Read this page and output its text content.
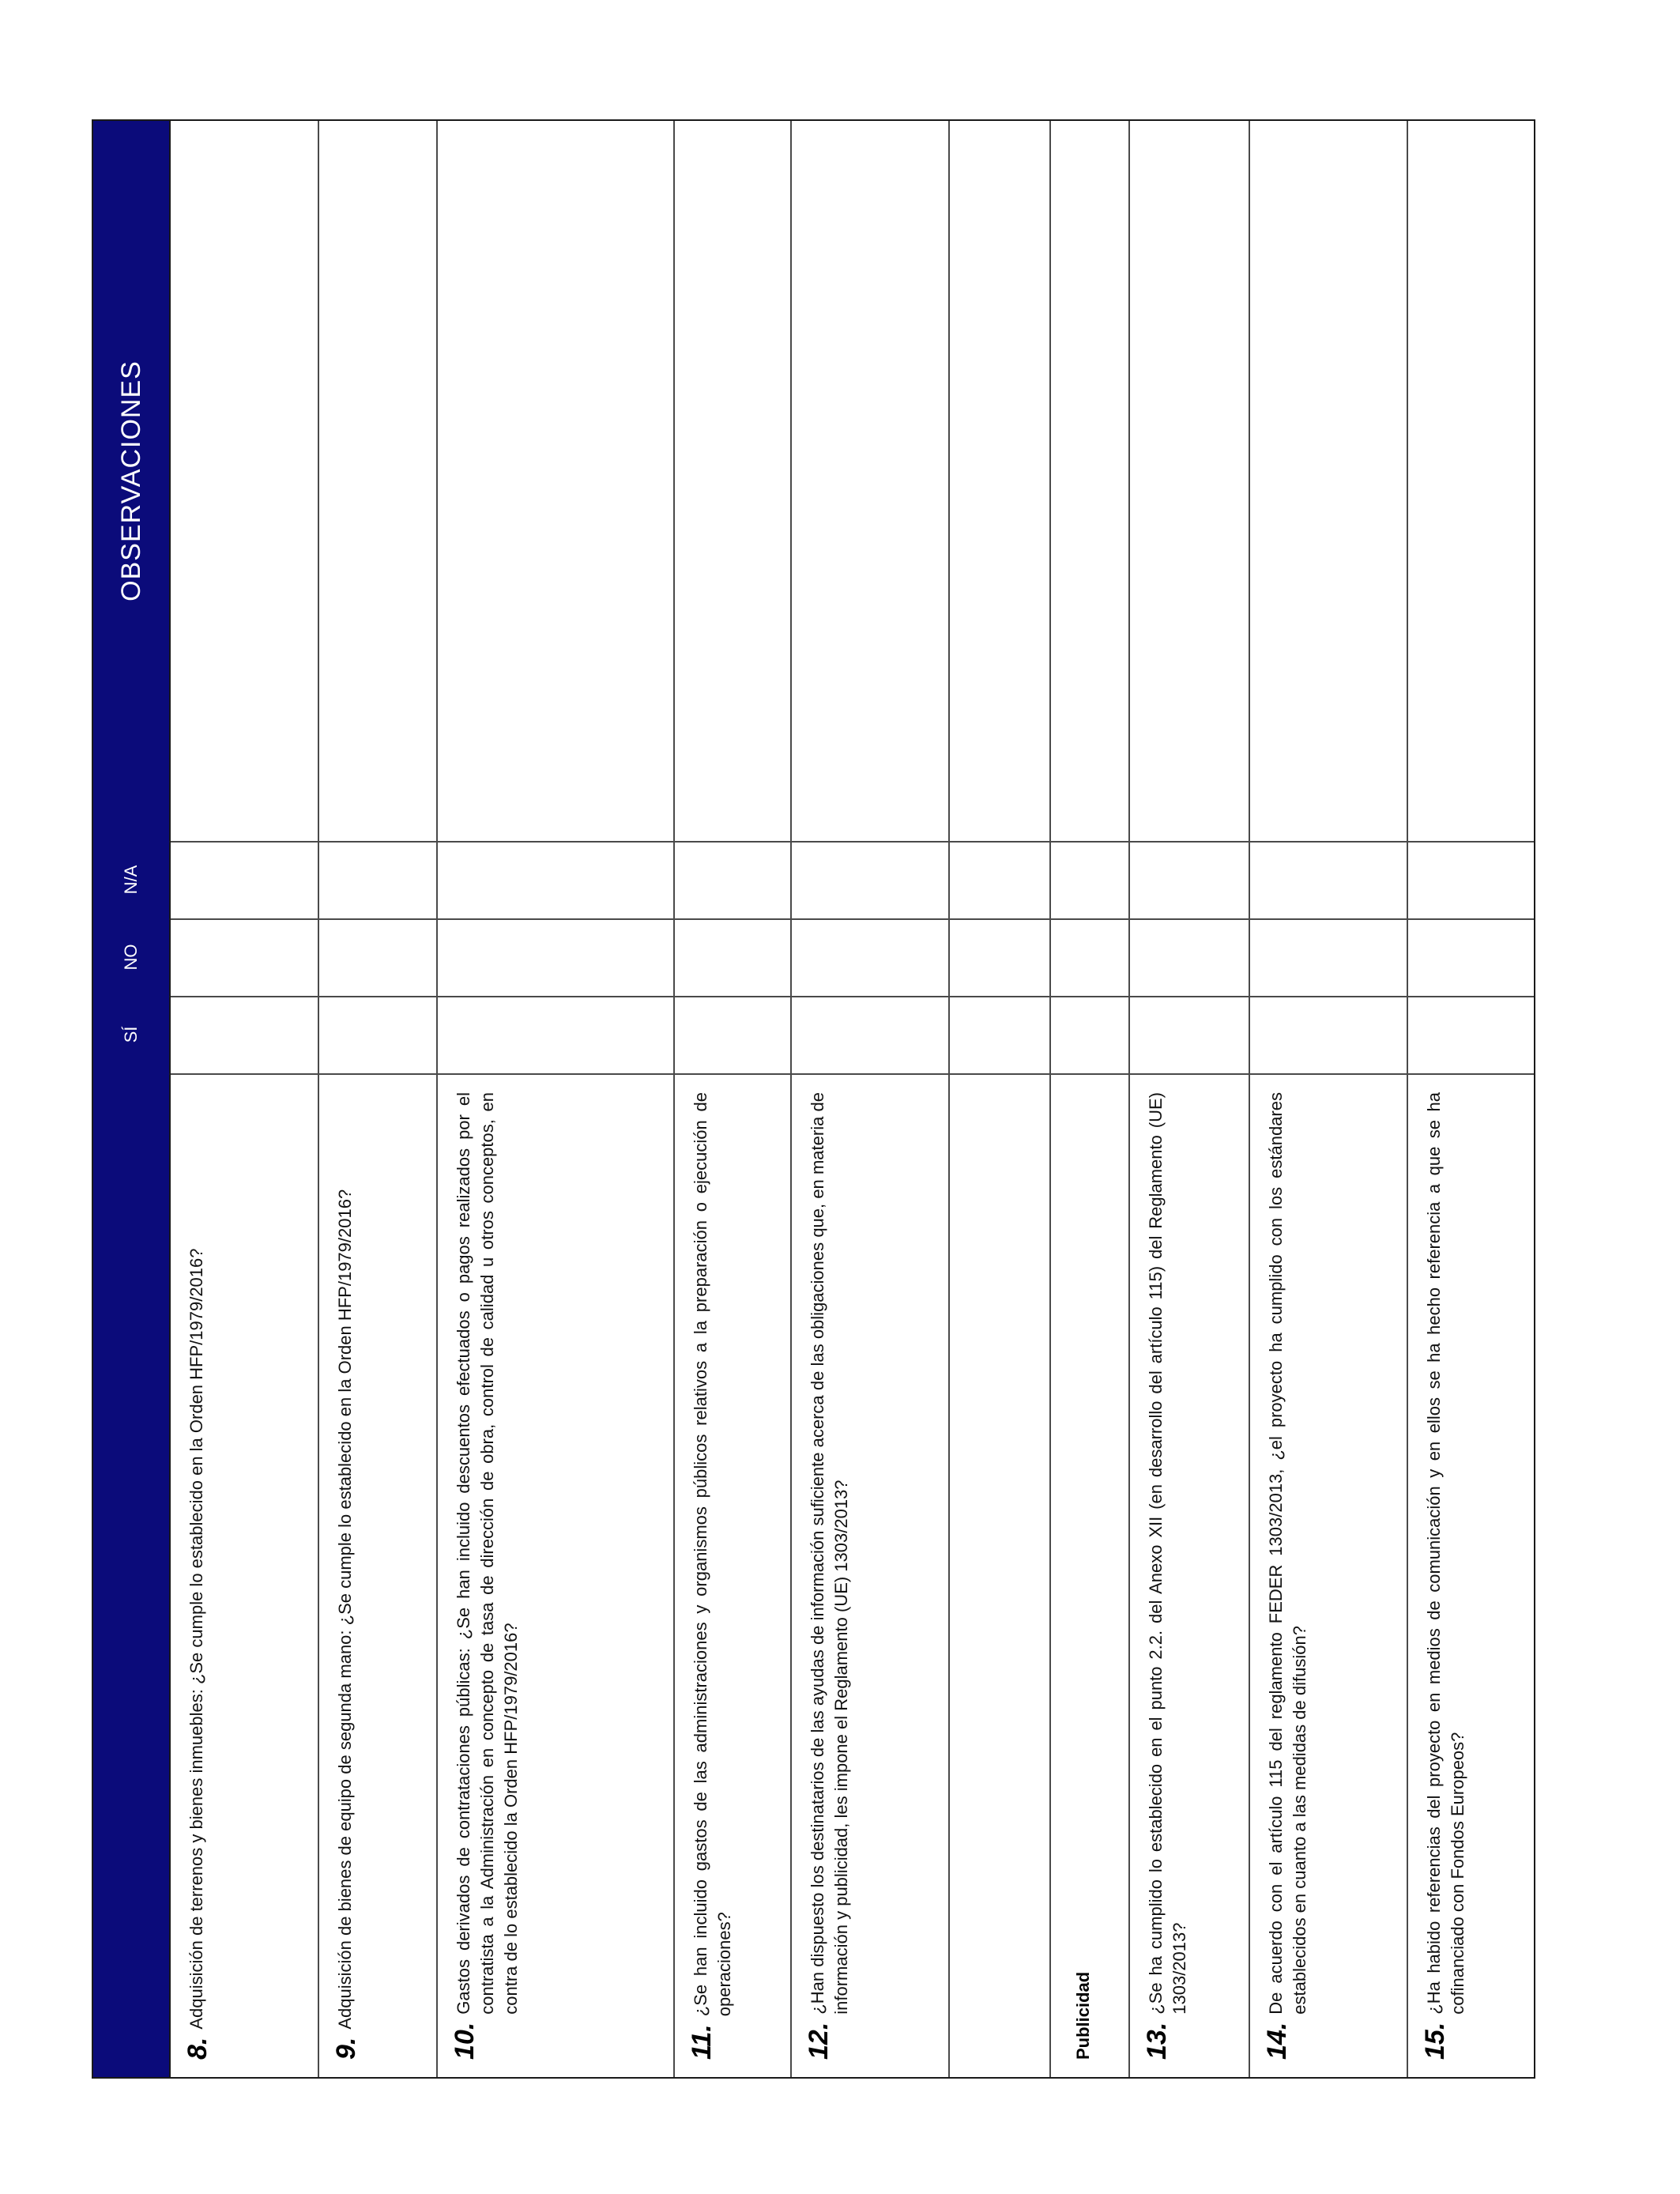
SÍ
NO
N/A
OBSERVACIONES
8.
Adquisición de terrenos y bienes inmuebles: ¿Se cumple lo establecido en la Orden HFP/1979/2016?
9.
Adquisición de bienes de equipo de segunda mano: ¿Se cumple lo establecido en la Orden HFP/1979/2016?
10.
Gastos derivados de contrataciones públicas: ¿Se han incluido descuentos efectuados o pagos realizados por el contratista a la Administración en concepto de tasa de dirección de obra, control de calidad u otros conceptos, en contra de lo establecido la Orden HFP/1979/2016?
11.
¿Se han incluido gastos de las administraciones y organismos públicos relativos a la preparación o ejecución de operaciones?
12.
¿Han dispuesto los destinatarios de las ayudas de información suficiente acerca de las obligaciones que, en materia de información y publicidad, les impone el Reglamento (UE) 1303/2013?
Publicidad 13.
¿Se ha cumplido lo establecido en el punto 2.2. del Anexo XII (en desarrollo del artículo 115) del Reglamento (UE) 1303/2013?
14.
De acuerdo con el artículo 115 del reglamento FEDER 1303/2013, ¿el proyecto ha cumplido con los estándares establecidos en cuanto a las medidas de difusión?
15.
¿Ha habido referencias del proyecto en medios de comunicación y en ellos se ha hecho referencia a que se ha cofinanciado con Fondos Europeos?
